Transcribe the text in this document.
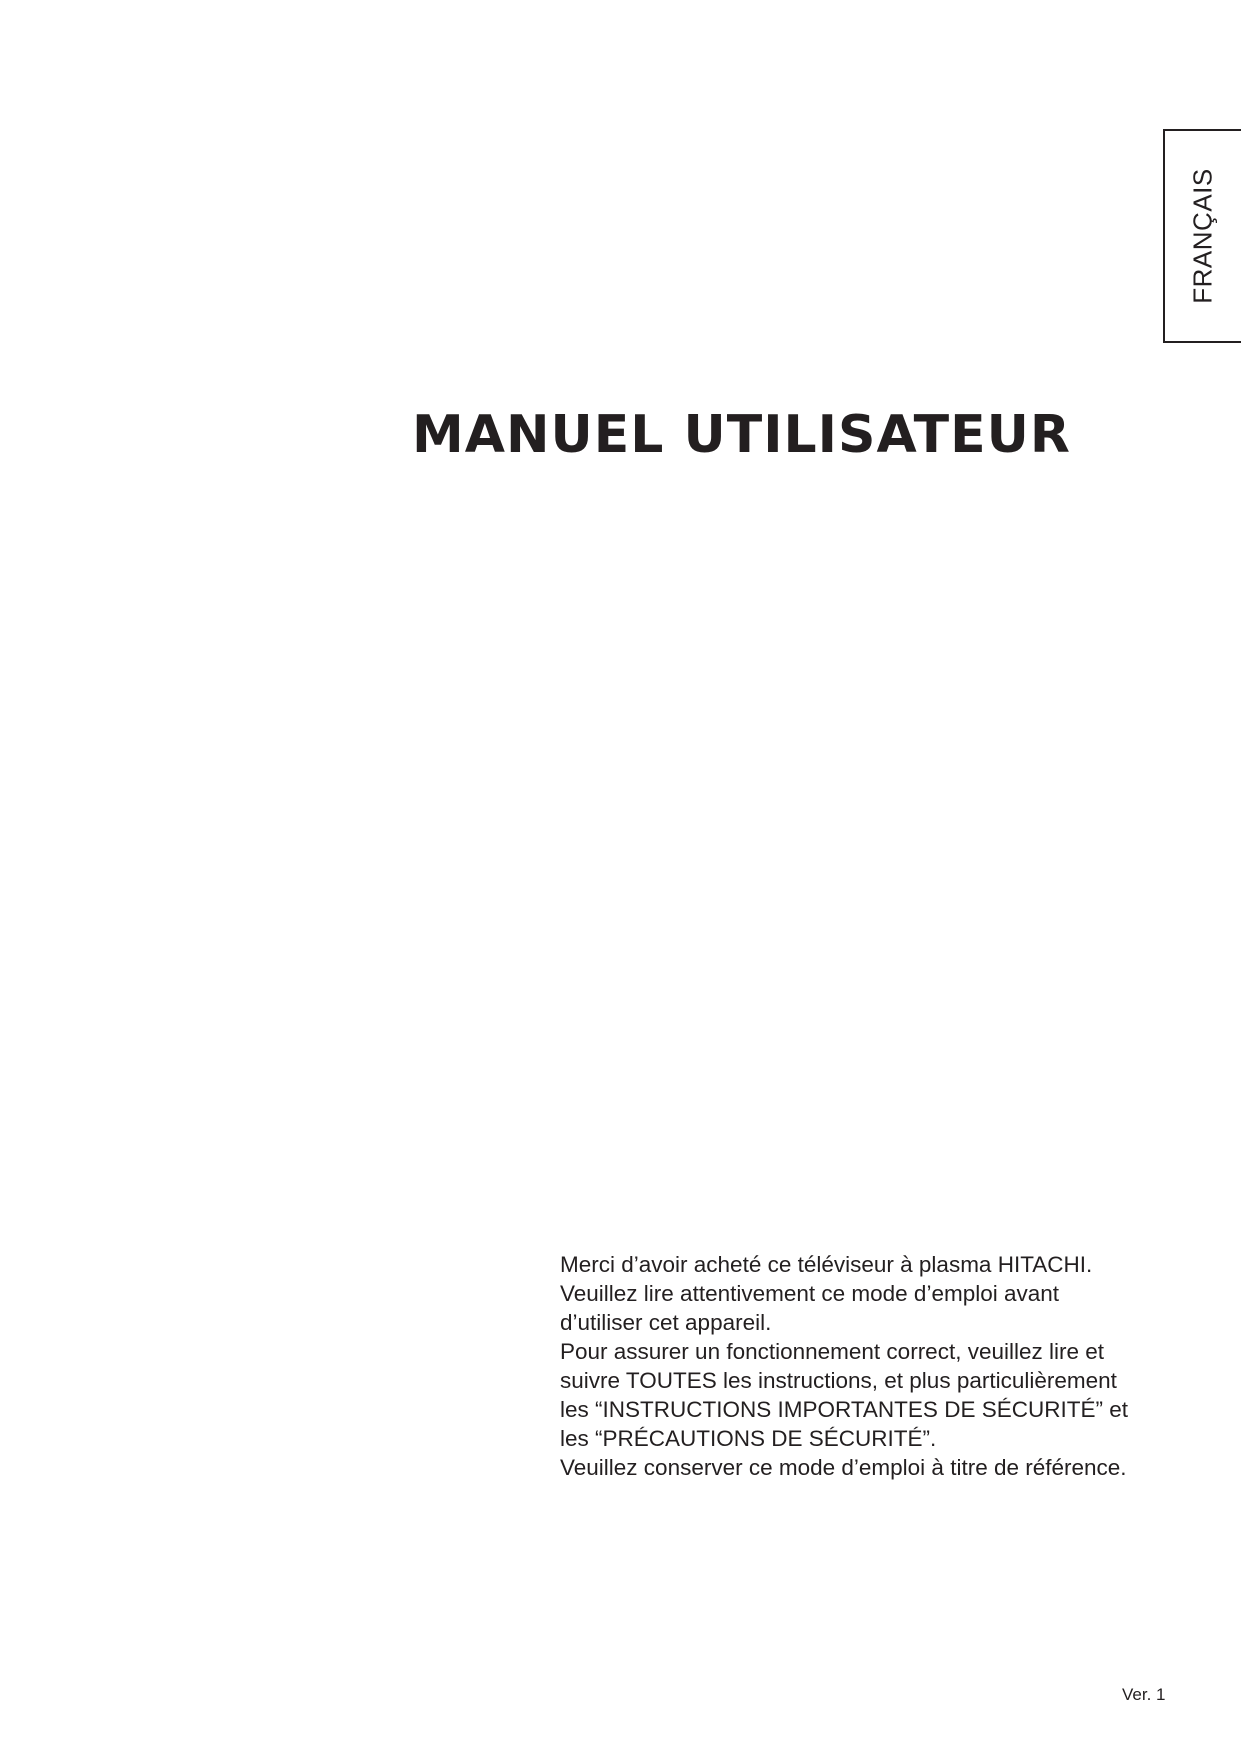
FRANÇAIS
MANUEL UTILISATEUR
Merci d’avoir acheté ce téléviseur à plasma HITACHI.
Veuillez lire attentivement ce mode d’emploi avant
d’utiliser cet appareil.
Pour assurer un fonctionnement correct, veuillez lire et
suivre TOUTES les instructions, et plus particulièrement
les “INSTRUCTIONS IMPORTANTES DE SÉCURITÉ” et
les “PRÉCAUTIONS DE SÉCURITÉ”.
Veuillez conserver ce mode d’emploi à titre de référence.
Ver. 1
